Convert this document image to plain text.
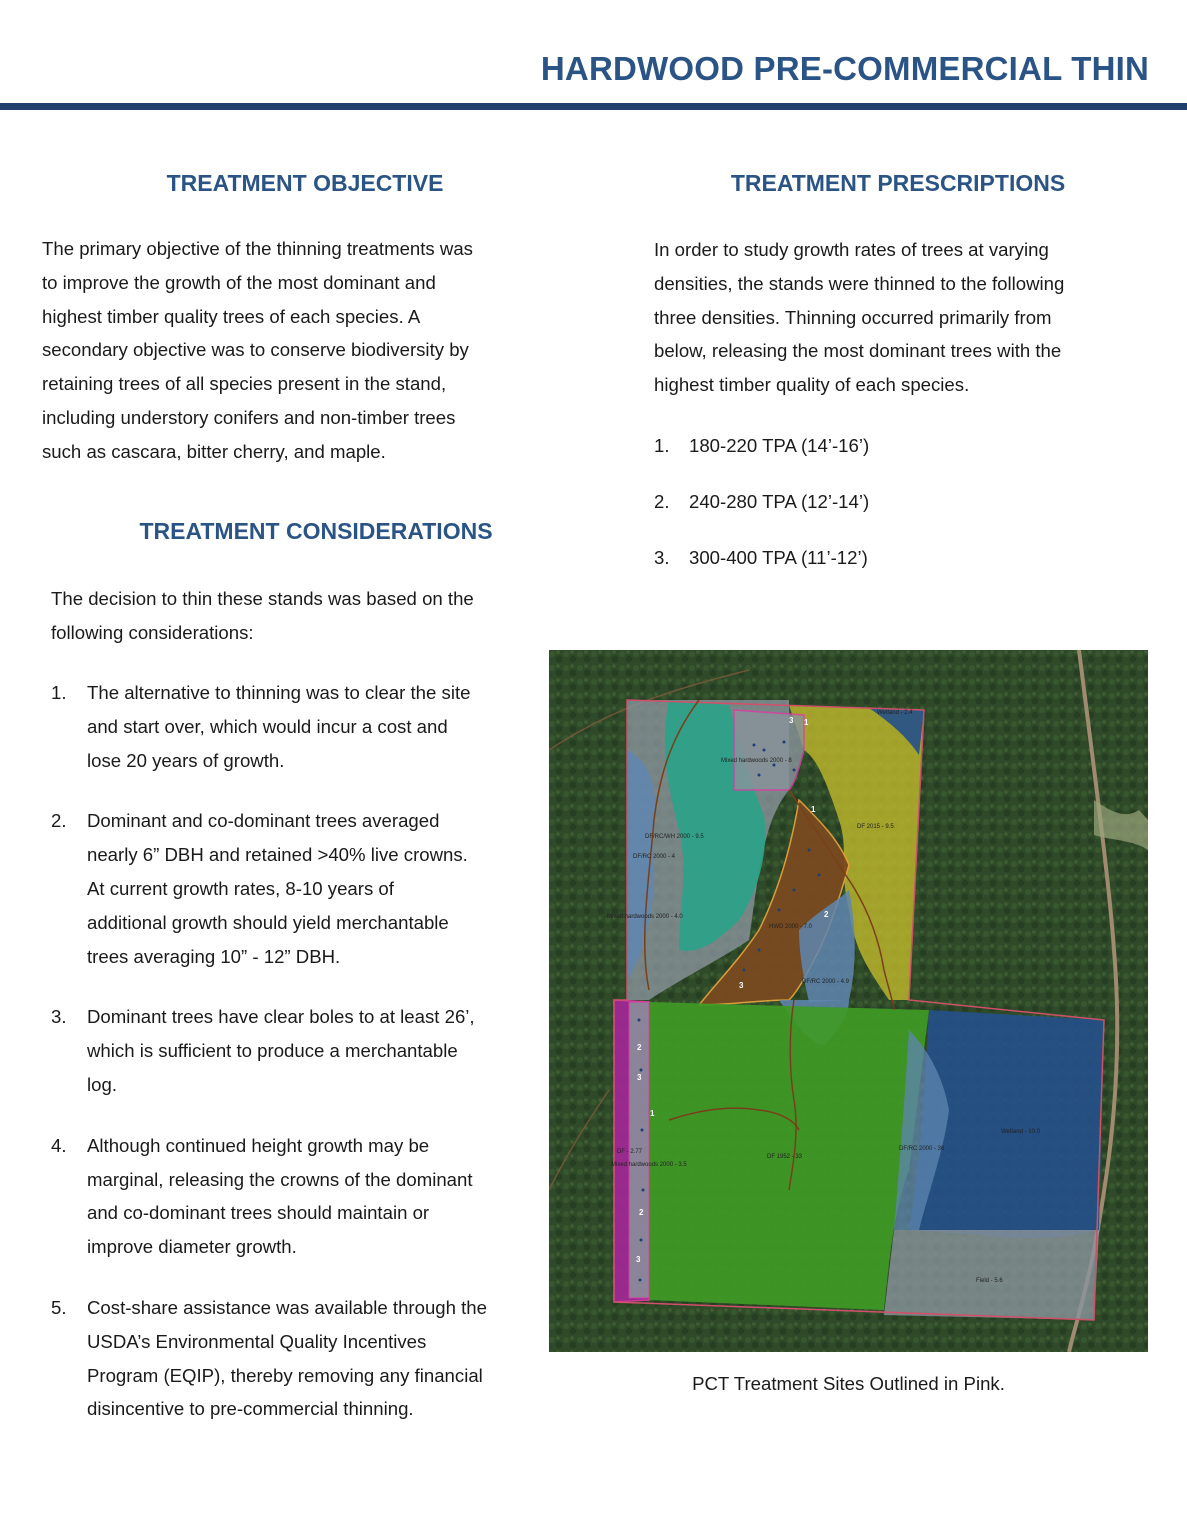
HARDWOOD PRE-COMMERCIAL THIN
TREATMENT OBJECTIVE
The primary objective of the thinning treatments was
to improve the growth of the most dominant and
highest timber quality trees of each species. A
secondary objective was to conserve biodiversity by
retaining trees of all species present in the stand,
including understory conifers and non-timber trees
such as cascara, bitter cherry, and maple.
TREATMENT CONSIDERATIONS
The decision to thin these stands was based on the
following considerations:
1. The alternative to thinning was to clear the site
and start over, which would incur a cost and
lose 20 years of growth.
2. Dominant and co-dominant trees averaged
nearly 6” DBH and retained >40% live crowns.
At current growth rates, 8-10 years of
additional growth should yield merchantable
trees averaging 10” - 12” DBH.
3. Dominant trees have clear boles to at least 26’,
which is sufficient to produce a merchantable
log.
4. Although continued height growth may be
marginal, releasing the crowns of the dominant
and co-dominant trees should maintain or
improve diameter growth.
5. Cost-share assistance was available through the
USDA’s Environmental Quality Incentives
Program (EQIP), thereby removing any financial
disincentive to pre-commercial thinning.
TREATMENT PRESCRIPTIONS
In order to study growth rates of trees at varying
densities, the stands were thinned to the following
three densities. Thinning occurred primarily from
below, releasing the most dominant trees with the
highest timber quality of each species.
1. 180-220 TPA (14’-16’)
2. 240-280 TPA (12’-14’)
3. 300-400 TPA (11’-12’)
Mixed hardwoods 2000 - 8
DF/RC/WH 2000 - 9.5
DF/RC 2000 - 4
DF 2015 - 9.5
Mixed hardwoods 2000 - 4.0
HWD 2000 - 7.0
DF/RC 2000 - 4.9
DF 1952 - 33
DF/RC 2000 - 36
Wetland - 10.0
Mixed hardwoods 2000 - 3.5
DF - 2.77
Field - 5.6
Wetland - 2.4
1
2
3
3
1
2
3
1
2
3

PCT Treatment Sites Outlined in Pink.
